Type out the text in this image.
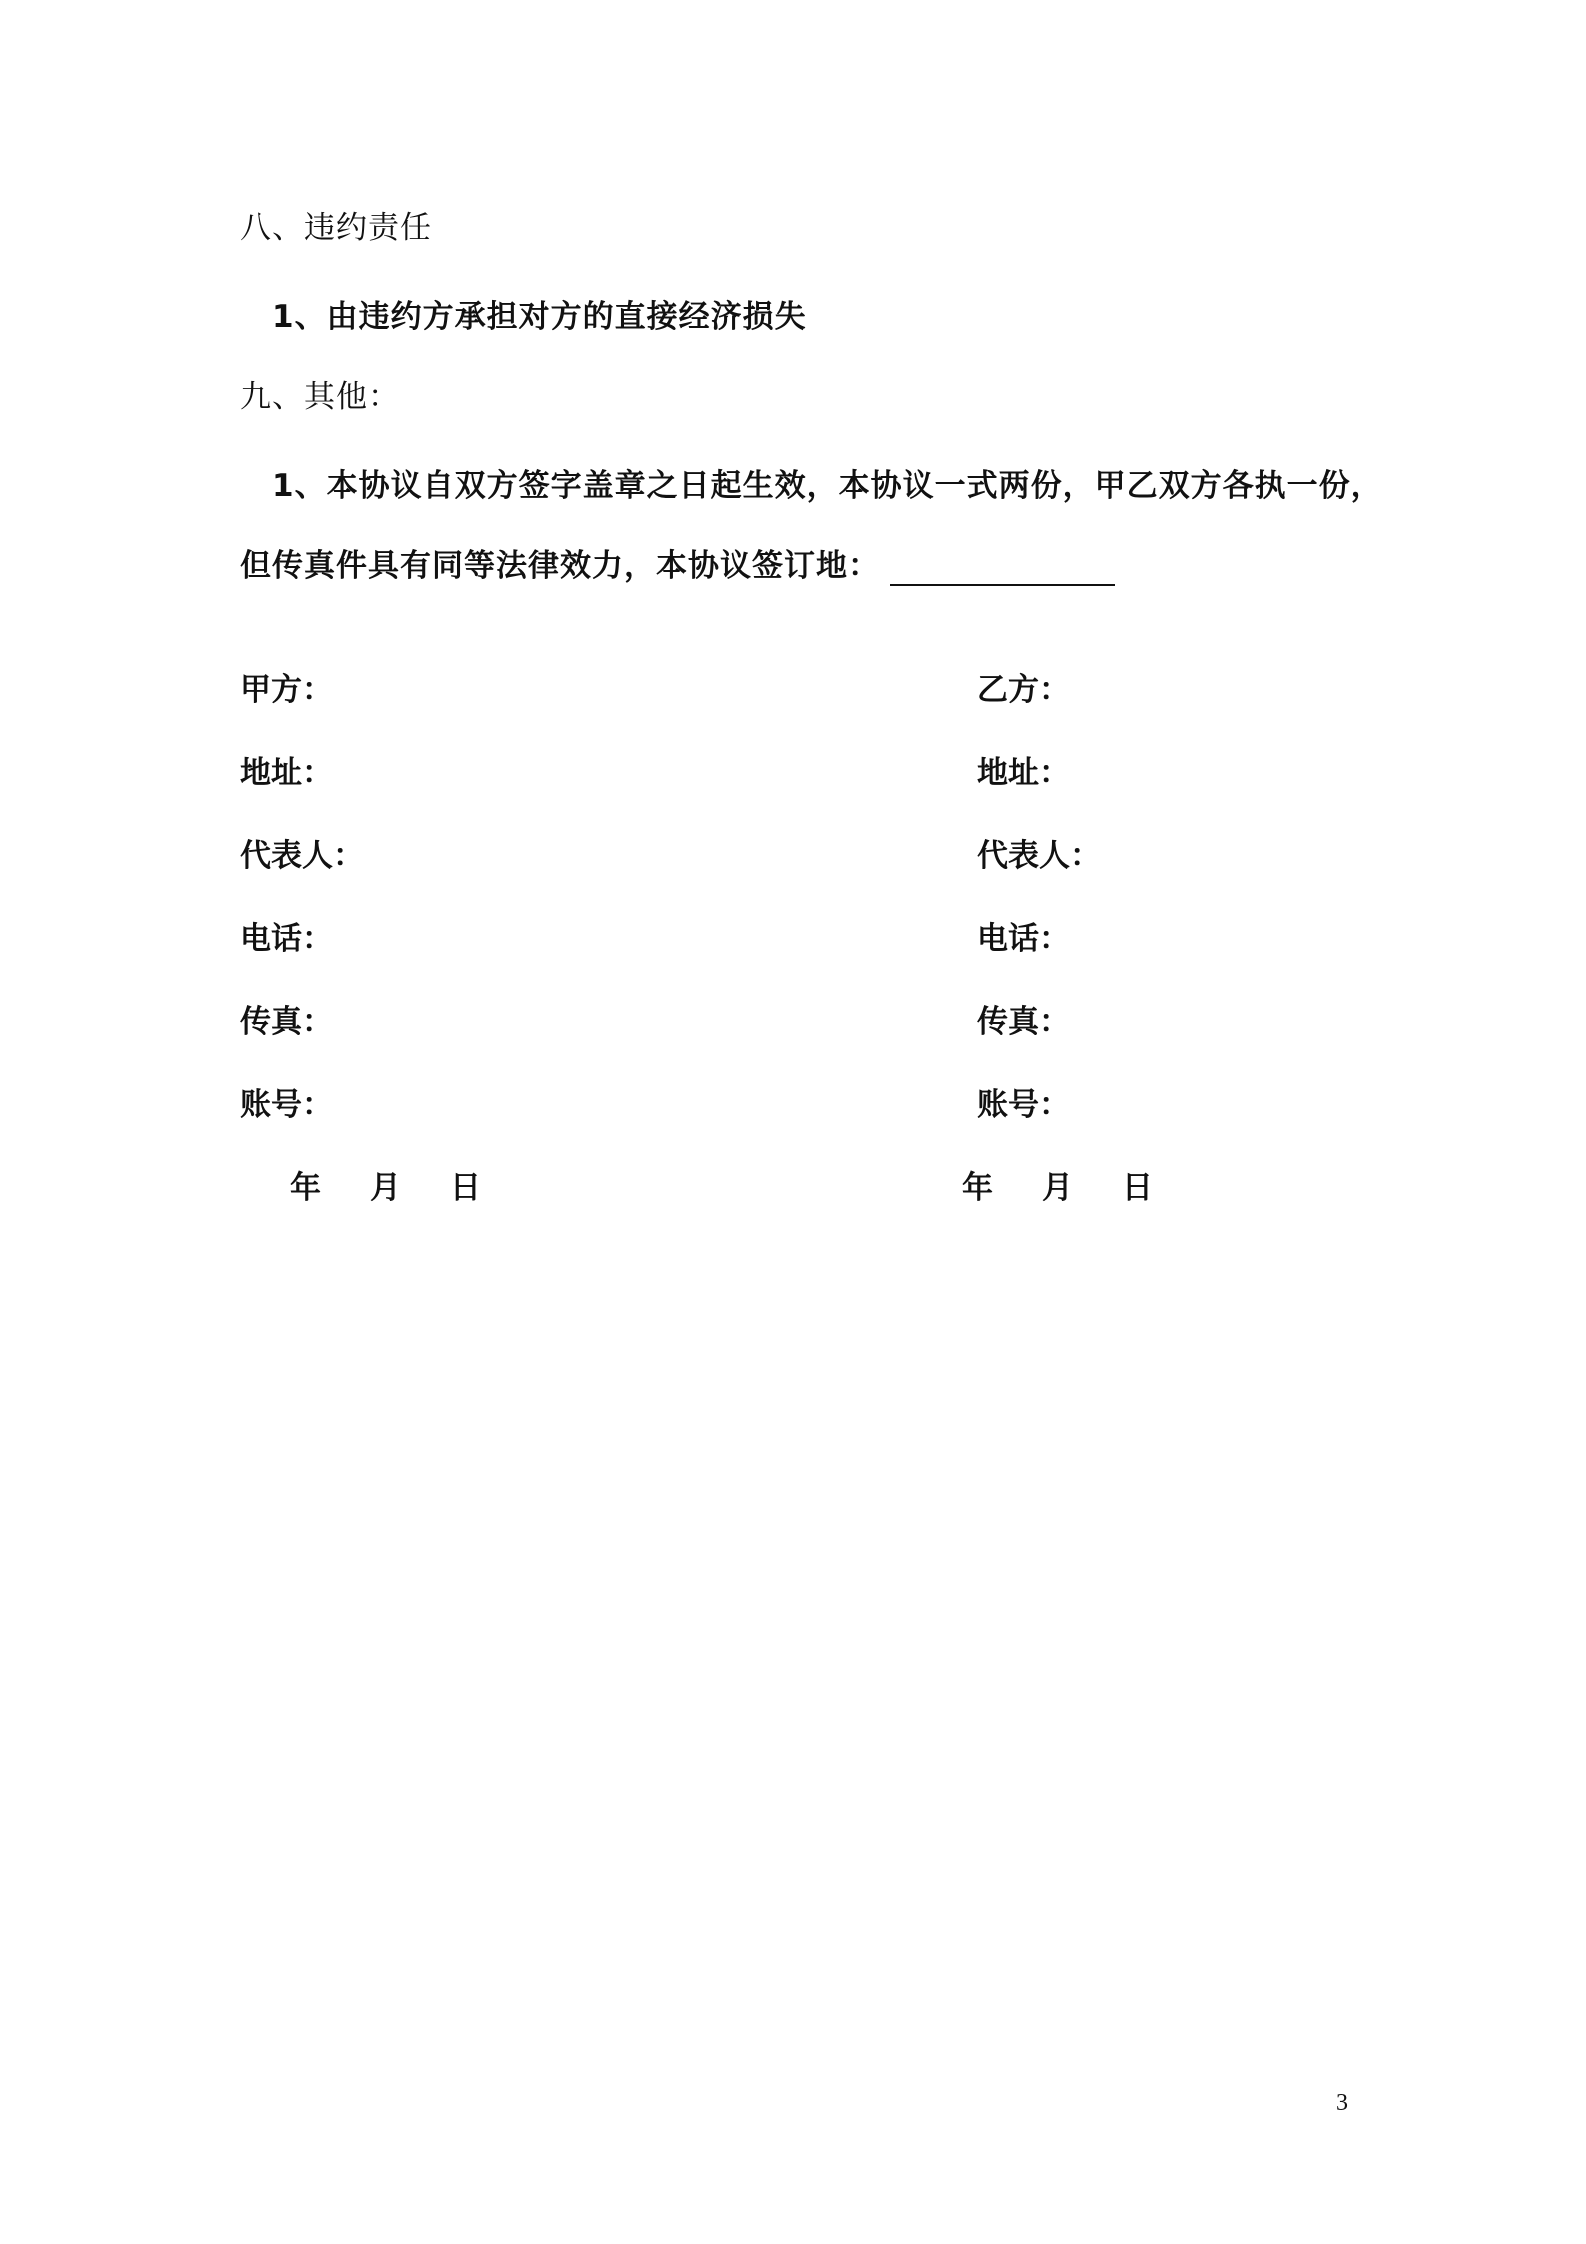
八、违约责任
1、由违约方承担对方的直接经济损失
九、其他：
1、本协议自双方签字盖章之日起生效，本协议一式两份，甲乙双方各执一份，
但传真件具有同等法律效力，本协议签订地：
甲方：
地址：
代表人：
电话：
传真：
账号：
年 月 日
乙方：
地址：
代表人：
电话：
传真：
账号：
年 月 日
3
